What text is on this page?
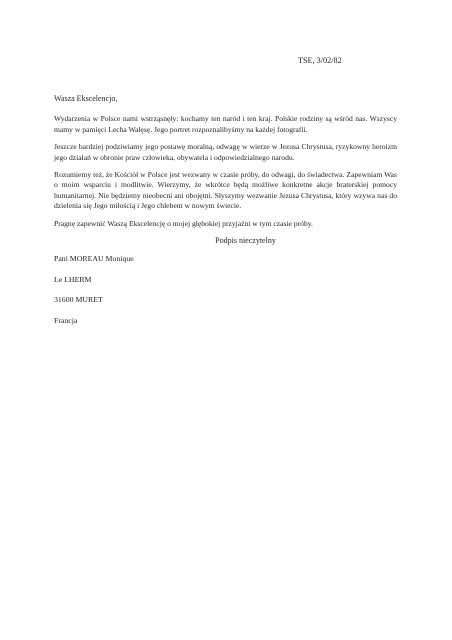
TSE, 3/02/82

Wasza Ekscelencjo,

Wydarzenia w Polsce nami wstrząsnęły: kochamy ten naród i ten kraj. Polskie rodziny są wśród nas. Wszyscy mamy w pamięci Lecha Wałęsę. Jego portret rozpoznalibyśmy na każdej fotografii.

Jeszcze bardziej podziwiamy jego postawę moralną, odwagę w wierze w Jezusa Chrystusa, ryzykowny heroizm jego działań w obronie praw człowieka, obywatela i odpowiedzialnego narodu.

Rozumiemy też, że Kościół w Polsce jest wezwany w czasie próby, do odwagi, do świadectwa. Zapewniam Was o moim wsparciu i modlitwie. Wierzymy, że wkrótce będą możliwe konkretne akcje braterskiej pomocy humanitarnej. Nie będziemy nieobecni ani obojętni. Słyszymy wezwanie Jezusa Chrystusa, który wzywa nas do dzielenia się Jego miłością i Jego chlebem w nowym świecie.

Pragnę zapewnić Waszą Ekscelencję o mojej głębokiej przyjaźni w tym czasie próby.

Podpis nieczytelny

Pani MOREAU Monique

Le LHERM

31600 MURET

Francja
